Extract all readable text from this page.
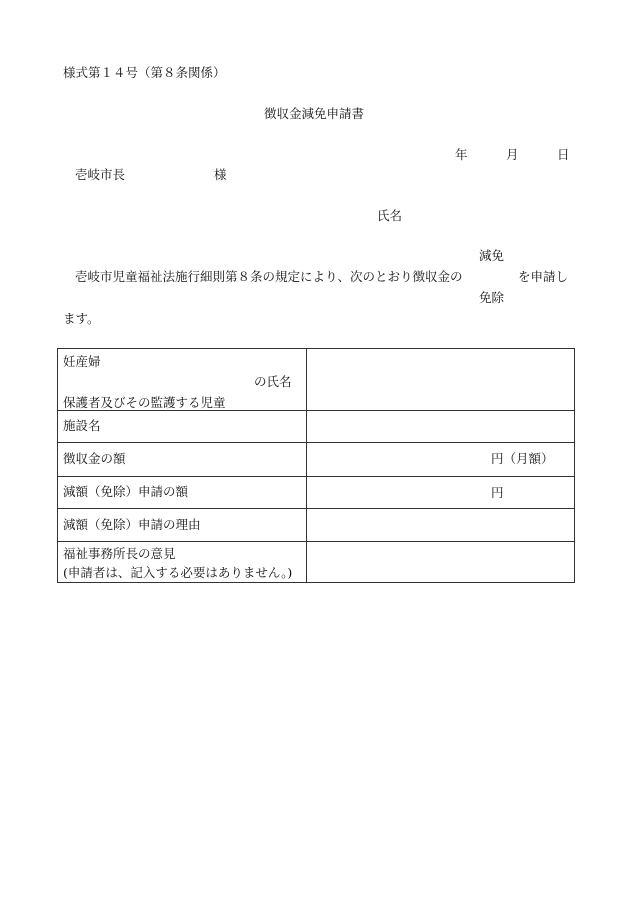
様式第１４号（第８条関係）
徴収金減免申請書
年	月	日
壱岐市長	様
氏名
減免
壱岐市児童福祉法施行細則第８条の規定により、次のとおり徴収金の	を申請し
免除
ます。
妊産婦
の氏名
保護者及びその監護する児童	

施設名	
徴収金の額	円（月額）

減額（免除）申請の額	円

減額（免除）申請の理由	

福祉事務所長の意見
(申請者は、記入する必要はありません。)	
